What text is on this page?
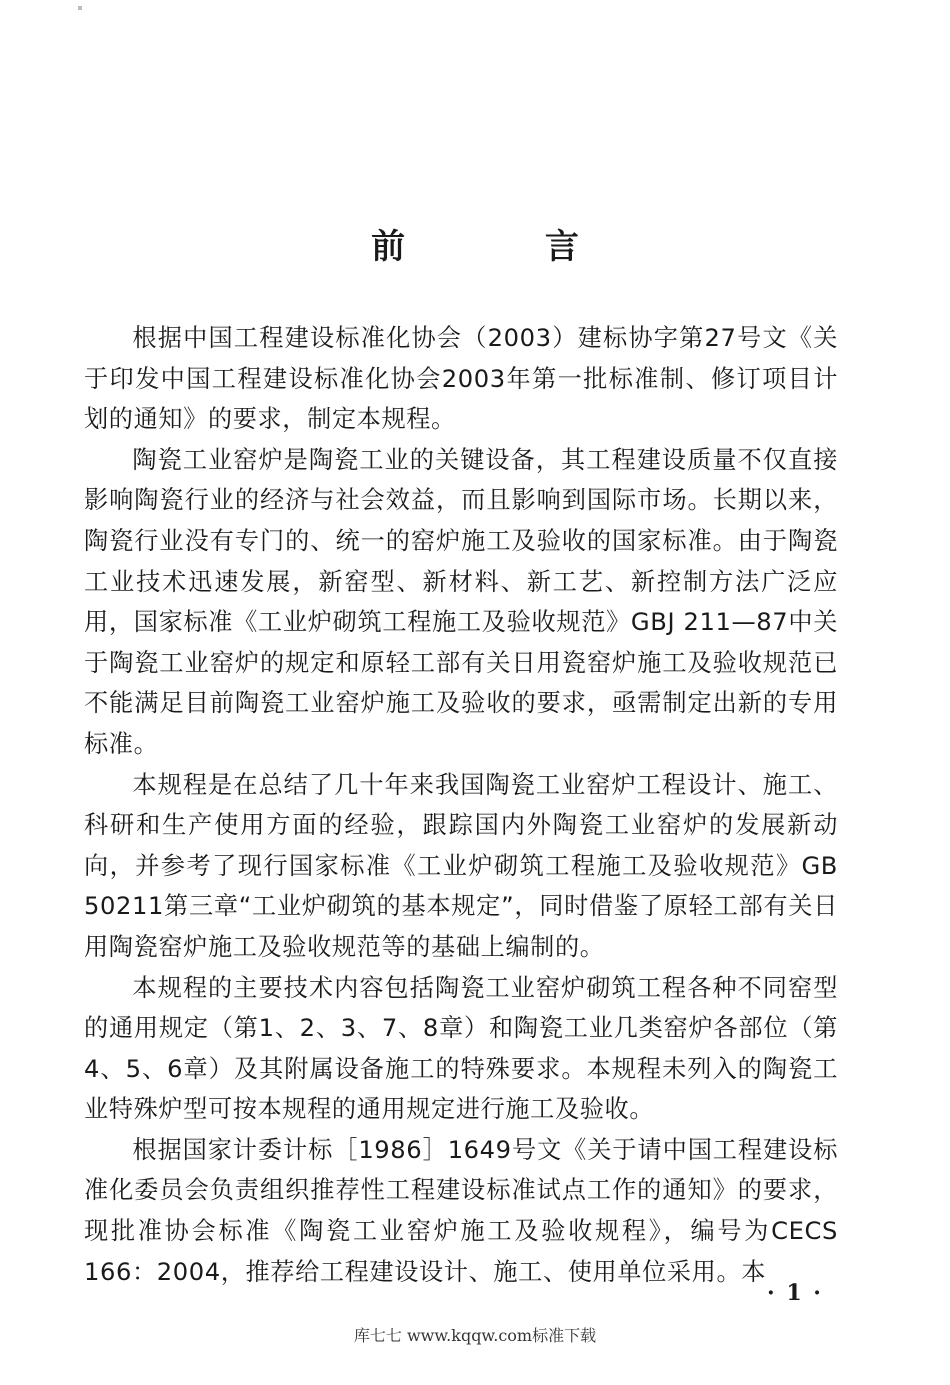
前 言

根据中国工程建设标准化协会（2003）建标协字第27号文《关于印发中国工程建设标准化协会2003年第一批标准制、修订项目计划的通知》的要求，制定本规程。

陶瓷工业窑炉是陶瓷工业的关键设备，其工程建设质量不仅直接影响陶瓷行业的经济与社会效益，而且影响到国际市场。长期以来，陶瓷行业没有专门的、统一的窑炉施工及验收的国家标准。由于陶瓷工业技术迅速发展，新窑型、新材料、新工艺、新控制方法广泛应用，国家标准《工业炉砌筑工程施工及验收规范》GBJ 211—87中关于陶瓷工业窑炉的规定和原轻工部有关日用瓷窑炉施工及验收规范已不能满足目前陶瓷工业窑炉施工及验收的要求，亟需制定出新的专用标准。

本规程是在总结了几十年来我国陶瓷工业窑炉工程设计、施工、科研和生产使用方面的经验，跟踪国内外陶瓷工业窑炉的发展新动向，并参考了现行国家标准《工业炉砌筑工程施工及验收规范》GB 50211第三章“工业炉砌筑的基本规定”，同时借鉴了原轻工部有关日用陶瓷窑炉施工及验收规范等的基础上编制的。

本规程的主要技术内容包括陶瓷工业窑炉砌筑工程各种不同窑型的通用规定（第1、2、3、7、8章）和陶瓷工业几类窑炉各部位（第4、5、6章）及其附属设备施工的特殊要求。本规程未列入的陶瓷工业特殊炉型可按本规程的通用规定进行施工及验收。

根据国家计委计标［1986］1649号文《关于请中国工程建设标准化委员会负责组织推荐性工程建设标准试点工作的通知》的要求，现批准协会标准《陶瓷工业窑炉施工及验收规程》，编号为CECS 166：2004，推荐给工程建设设计、施工、使用单位采用。本

· 1 ·
库七七 www.kqqw.com标准下载
